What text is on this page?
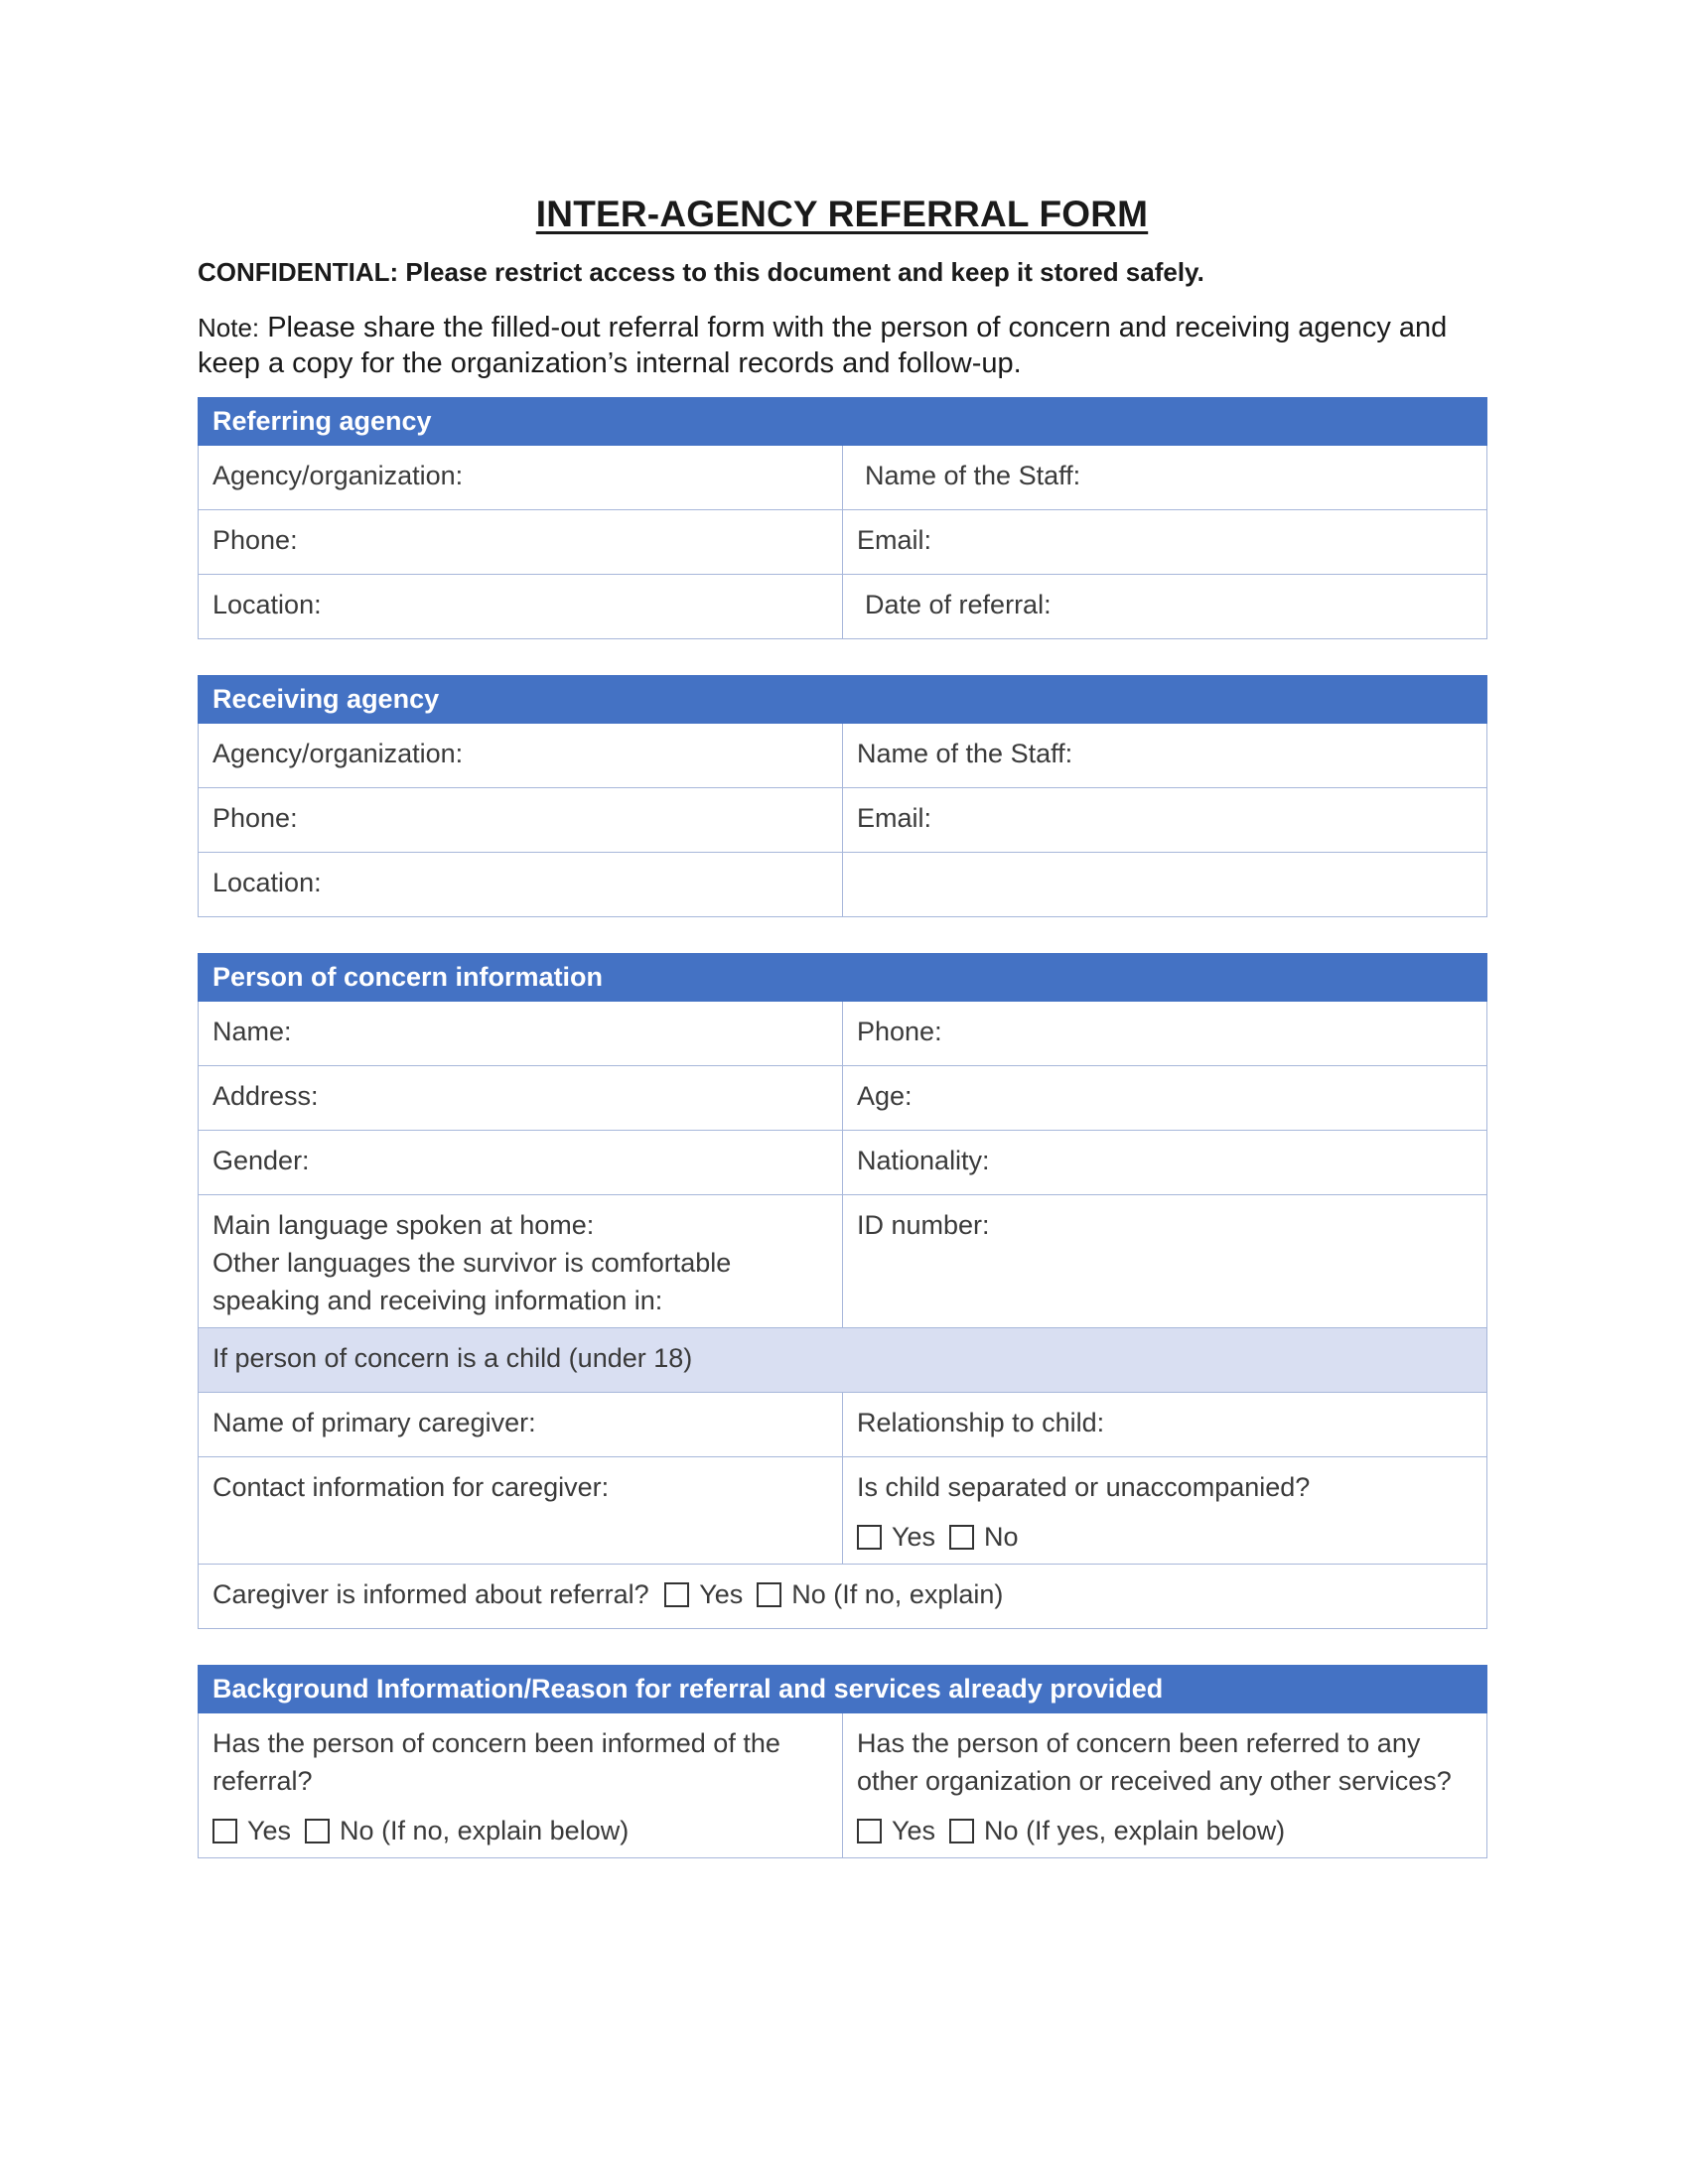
INTER-AGENCY REFERRAL FORM
CONFIDENTIAL: Please restrict access to this document and keep it stored safely.
Note: Please share the filled-out referral form with the person of concern and receiving agency and keep a copy for the organization’s internal records and follow-up.
Referring agency	
Agency/organization:	Name of the Staff:
Phone:	Email:
Location:	Date of referral:
Receiving agency	
Agency/organization:	Name of the Staff:
Phone:	Email:
Location:	
Person of concern information	
Name:	Phone:
Address:	Age:
Gender:	Nationality:

Main language spoken at home:
Other languages the survivor is comfortable speaking and receiving information in:	ID number:
If person of concern is a child (under 18)	
Name of primary caregiver:	Relationship to child:
Contact information for caregiver:	Is child separated or unaccompanied?
Yes No

Caregiver is informed about referral? Yes No (If no, explain)	
Background Information/Reason for referral and services already provided

Has the person of concern been informed of the referral?
Yes No (If no, explain below)

Has the person of concern been referred to any other organization or received any other services?
Yes No (If yes, explain below)
